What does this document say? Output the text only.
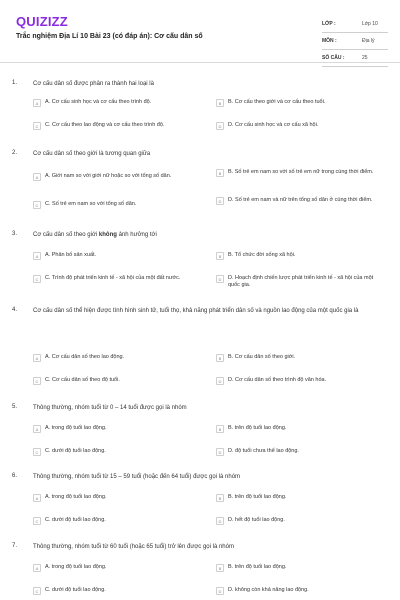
QUIZIZZ
Trắc nghiệm Địa Lí 10 Bài 23 (có đáp án): Cơ cấu dân số
LỚP :	Lớp 10
MÔN :	Địa lý
SỐ CÂU :	25
1.	Cơ cấu dân số được phân ra thành hai loại là
A	A. Cơ cấu sinh học và cơ cấu theo trình độ.	B	B. Cơ cấu theo giới và cơ cấu theo tuổi.
C	C. Cơ cấu theo lao động và cơ cấu theo trình độ.	D	D. Cơ cấu sinh học và cơ cấu xã hội.
2.	Cơ cấu dân số theo giới là tương quan giữa
A	A. Giới nam so với giới nữ hoặc so với tổng số dân.	B	B. Số trẻ em nam so với số trẻ em nữ trong cùng thời điểm.
C	C. Số trẻ em nam so với tổng số dân.	D	D. Số trẻ em nam và nữ trên tổng số dân ở cùng thời điểm.
3.	Cơ cấu dân số theo giới không ảnh hưởng tới
A	A. Phân bố sản xuất.	B	B. Tổ chức đời sống xã hội.
C	C. Trình độ phát triển kinh tế - xã hội của một đất nước.	D	D. Hoạch định chiến lược phát triển kinh tế - xã hội của một quốc gia.
4.	Cơ cấu dân số thể hiện được tình hình sinh tử, tuổi thọ, khả năng phát triển dân số và nguồn lao động của một quốc gia là
A	A. Cơ cấu dân số theo lao động.	B	B. Cơ cấu dân số theo giới.
C	C. Cơ cấu dân số theo độ tuổi.	D	D. Cơ cấu dân số theo trình độ văn hóa.
5.	Thông thường, nhóm tuổi từ 0 – 14 tuổi được gọi là nhóm
A	A. trong độ tuổi lao động.	B	B. trên độ tuổi lao động.
C	C. dưới độ tuổi lao động.	D	D. độ tuổi chưa thể lao động.
6.	Thông thường, nhóm tuổi từ 15 – 59 tuổi (hoặc đến 64 tuổi) được gọi là nhóm
A	A. trong độ tuổi lao động.	B	B. trên độ tuổi lao động.
C	C. dưới độ tuổi lao động.	D	D. hết độ tuổi lao động.
7.	Thông thường, nhóm tuổi từ 60 tuổi (hoặc 65 tuổi) trở lên được gọi là nhóm
A	A. trong độ tuổi lao động.	B	B. trên độ tuổi lao động.
C	C. dưới độ tuổi lao động.	D	D. không còn khả năng lao động.
